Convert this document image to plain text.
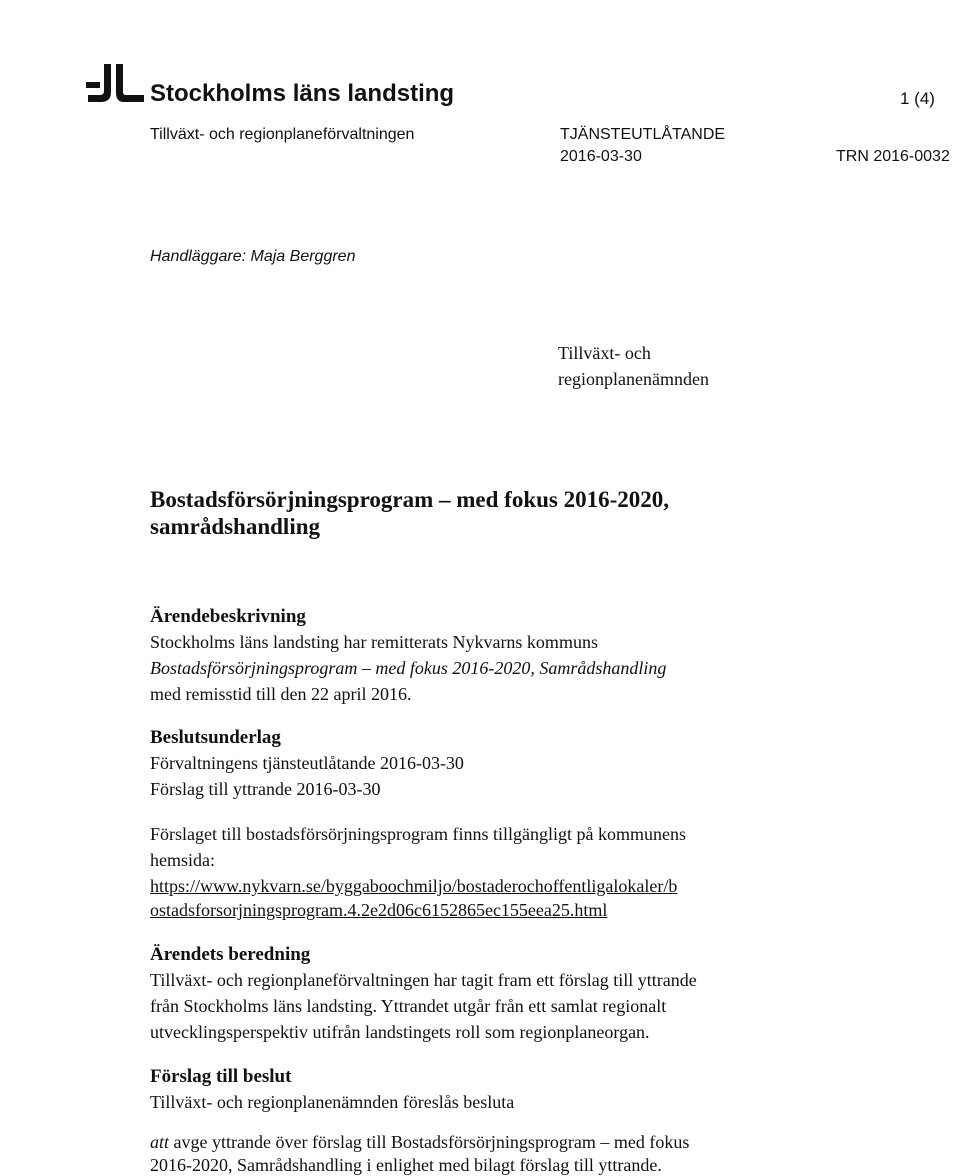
Stockholms läns landsting	1 (4)
Tillväxt- och regionplaneförvaltningen	TJÄNSTEUTLÅTANDE
2016-03-30	TRN 2016-0032
Handläggare: Maja Berggren
Tillväxt- och
regionplanenämnden
Bostadsförsörjningsprogram – med fokus 2016-2020,
samrådshandling
Ärendebeskrivning
Stockholms läns landsting har remitterats Nykvarns kommuns
Bostadsförsörjningsprogram – med fokus 2016-2020, Samrådshandling
med remisstid till den 22 april 2016.
Beslutsunderlag
Förvaltningens tjänsteutlåtande 2016-03-30
Förslag till yttrande 2016-03-30
Förslaget till bostadsförsörjningsprogram finns tillgängligt på kommunens
hemsida:
https://www.nykvarn.se/byggaboochmiljo/bostaderochoffentligalokaler/b
ostadsforsorjningsprogram.4.2e2d06c6152865ec155eea25.html
Ärendets beredning
Tillväxt- och regionplaneförvaltningen har tagit fram ett förslag till yttrande
från Stockholms läns landsting. Yttrandet utgår från ett samlat regionalt
utvecklingsperspektiv utifrån landstingets roll som regionplaneorgan.
Förslag till beslut
Tillväxt- och regionplanenämnden föreslås besluta
att avge yttrande över förslag till Bostadsförsörjningsprogram – med fokus
2016-2020, Samrådshandling i enlighet med bilagt förslag till yttrande.
